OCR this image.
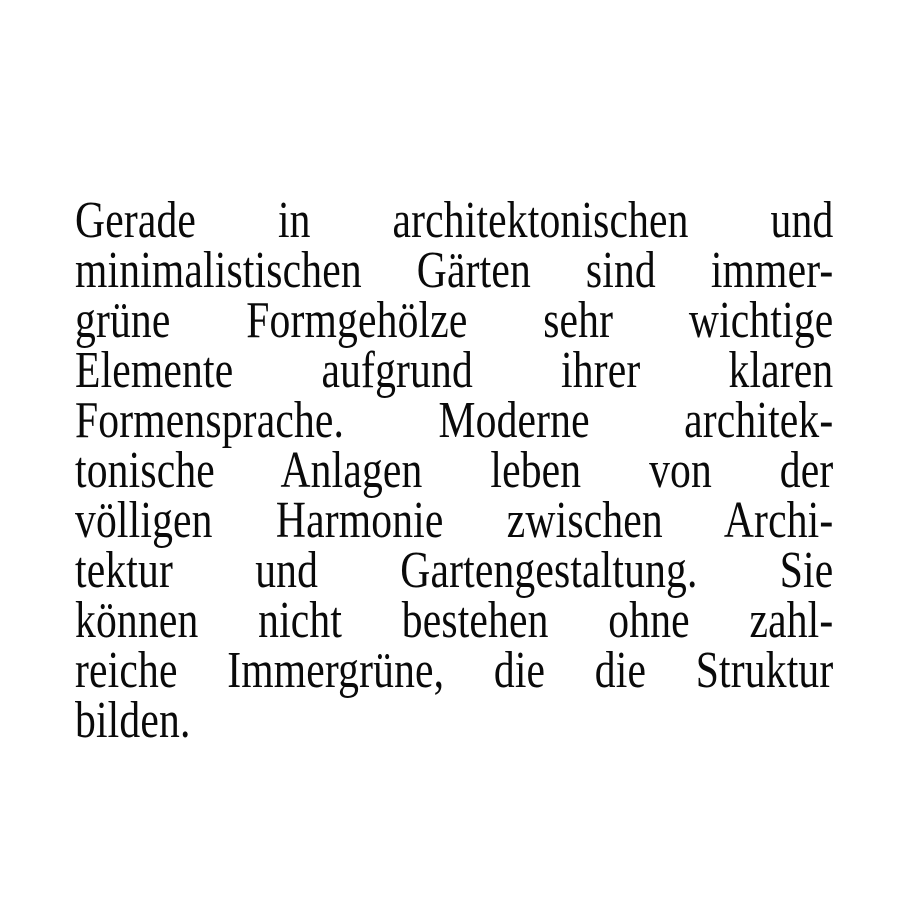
Gerade in architektonischen und
minimalistischen Gärten sind immer-
grüne Formgehölze sehr wichtige
Elemente aufgrund ihrer klaren
Formensprache. Moderne architek-
tonische Anlagen leben von der
völligen Harmonie zwischen Archi-
tektur und Gartengestaltung. Sie
können nicht bestehen ohne zahl-
reiche Immergrüne, die die Struktur
bilden.
